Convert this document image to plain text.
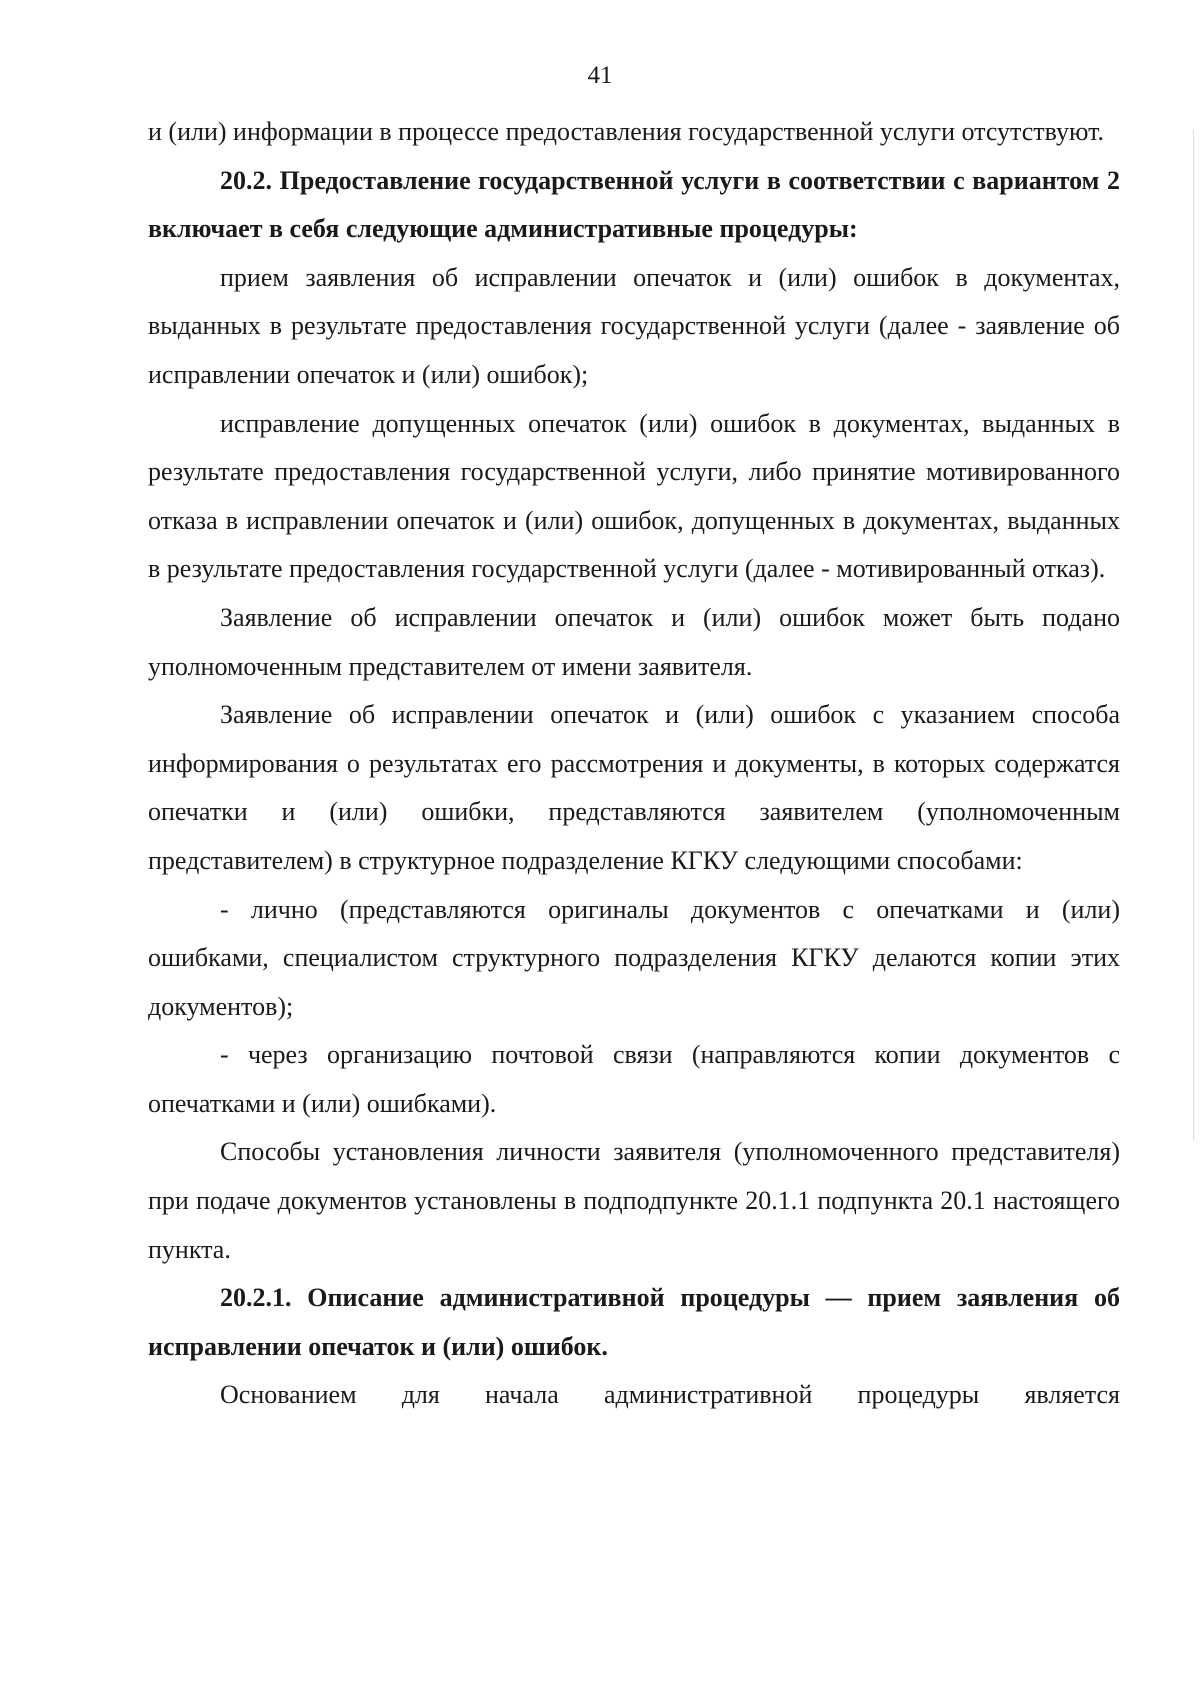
41

и (или) информации в процессе предоставления государственной услуги отсутствуют.

20.2. Предоставление государственной услуги в соответствии с вариантом 2 включает в себя следующие административные процедуры:

прием заявления об исправлении опечаток и (или) ошибок в документах, выданных в результате предоставления государственной услуги (далее - заявление об исправлении опечаток и (или) ошибок);

исправление допущенных опечаток (или) ошибок в документах, выданных в результате предоставления государственной услуги, либо принятие мотивированного отказа в исправлении опечаток и (или) ошибок, допущенных в документах, выданных в результате предоставления государственной услуги (далее - мотивированный отказ).

Заявление об исправлении опечаток и (или) ошибок может быть подано уполномоченным представителем от имени заявителя.

Заявление об исправлении опечаток и (или) ошибок с указанием способа информирования о результатах его рассмотрения и документы, в которых содержатся опечатки и (или) ошибки, представляются заявителем (уполномоченным представителем) в структурное подразделение КГКУ следующими способами:

- лично (представляются оригиналы документов с опечатками и (или) ошибками, специалистом структурного подразделения КГКУ делаются копии этих документов);

- через организацию почтовой связи (направляются копии документов с опечатками и (или) ошибками).

Способы установления личности заявителя (уполномоченного представителя) при подаче документов установлены в подподпункте 20.1.1 подпункта 20.1 настоящего пункта.

20.2.1. Описание административной процедуры — прием заявления об исправлении опечаток и (или) ошибок.

Основанием для начала административной процедуры является
